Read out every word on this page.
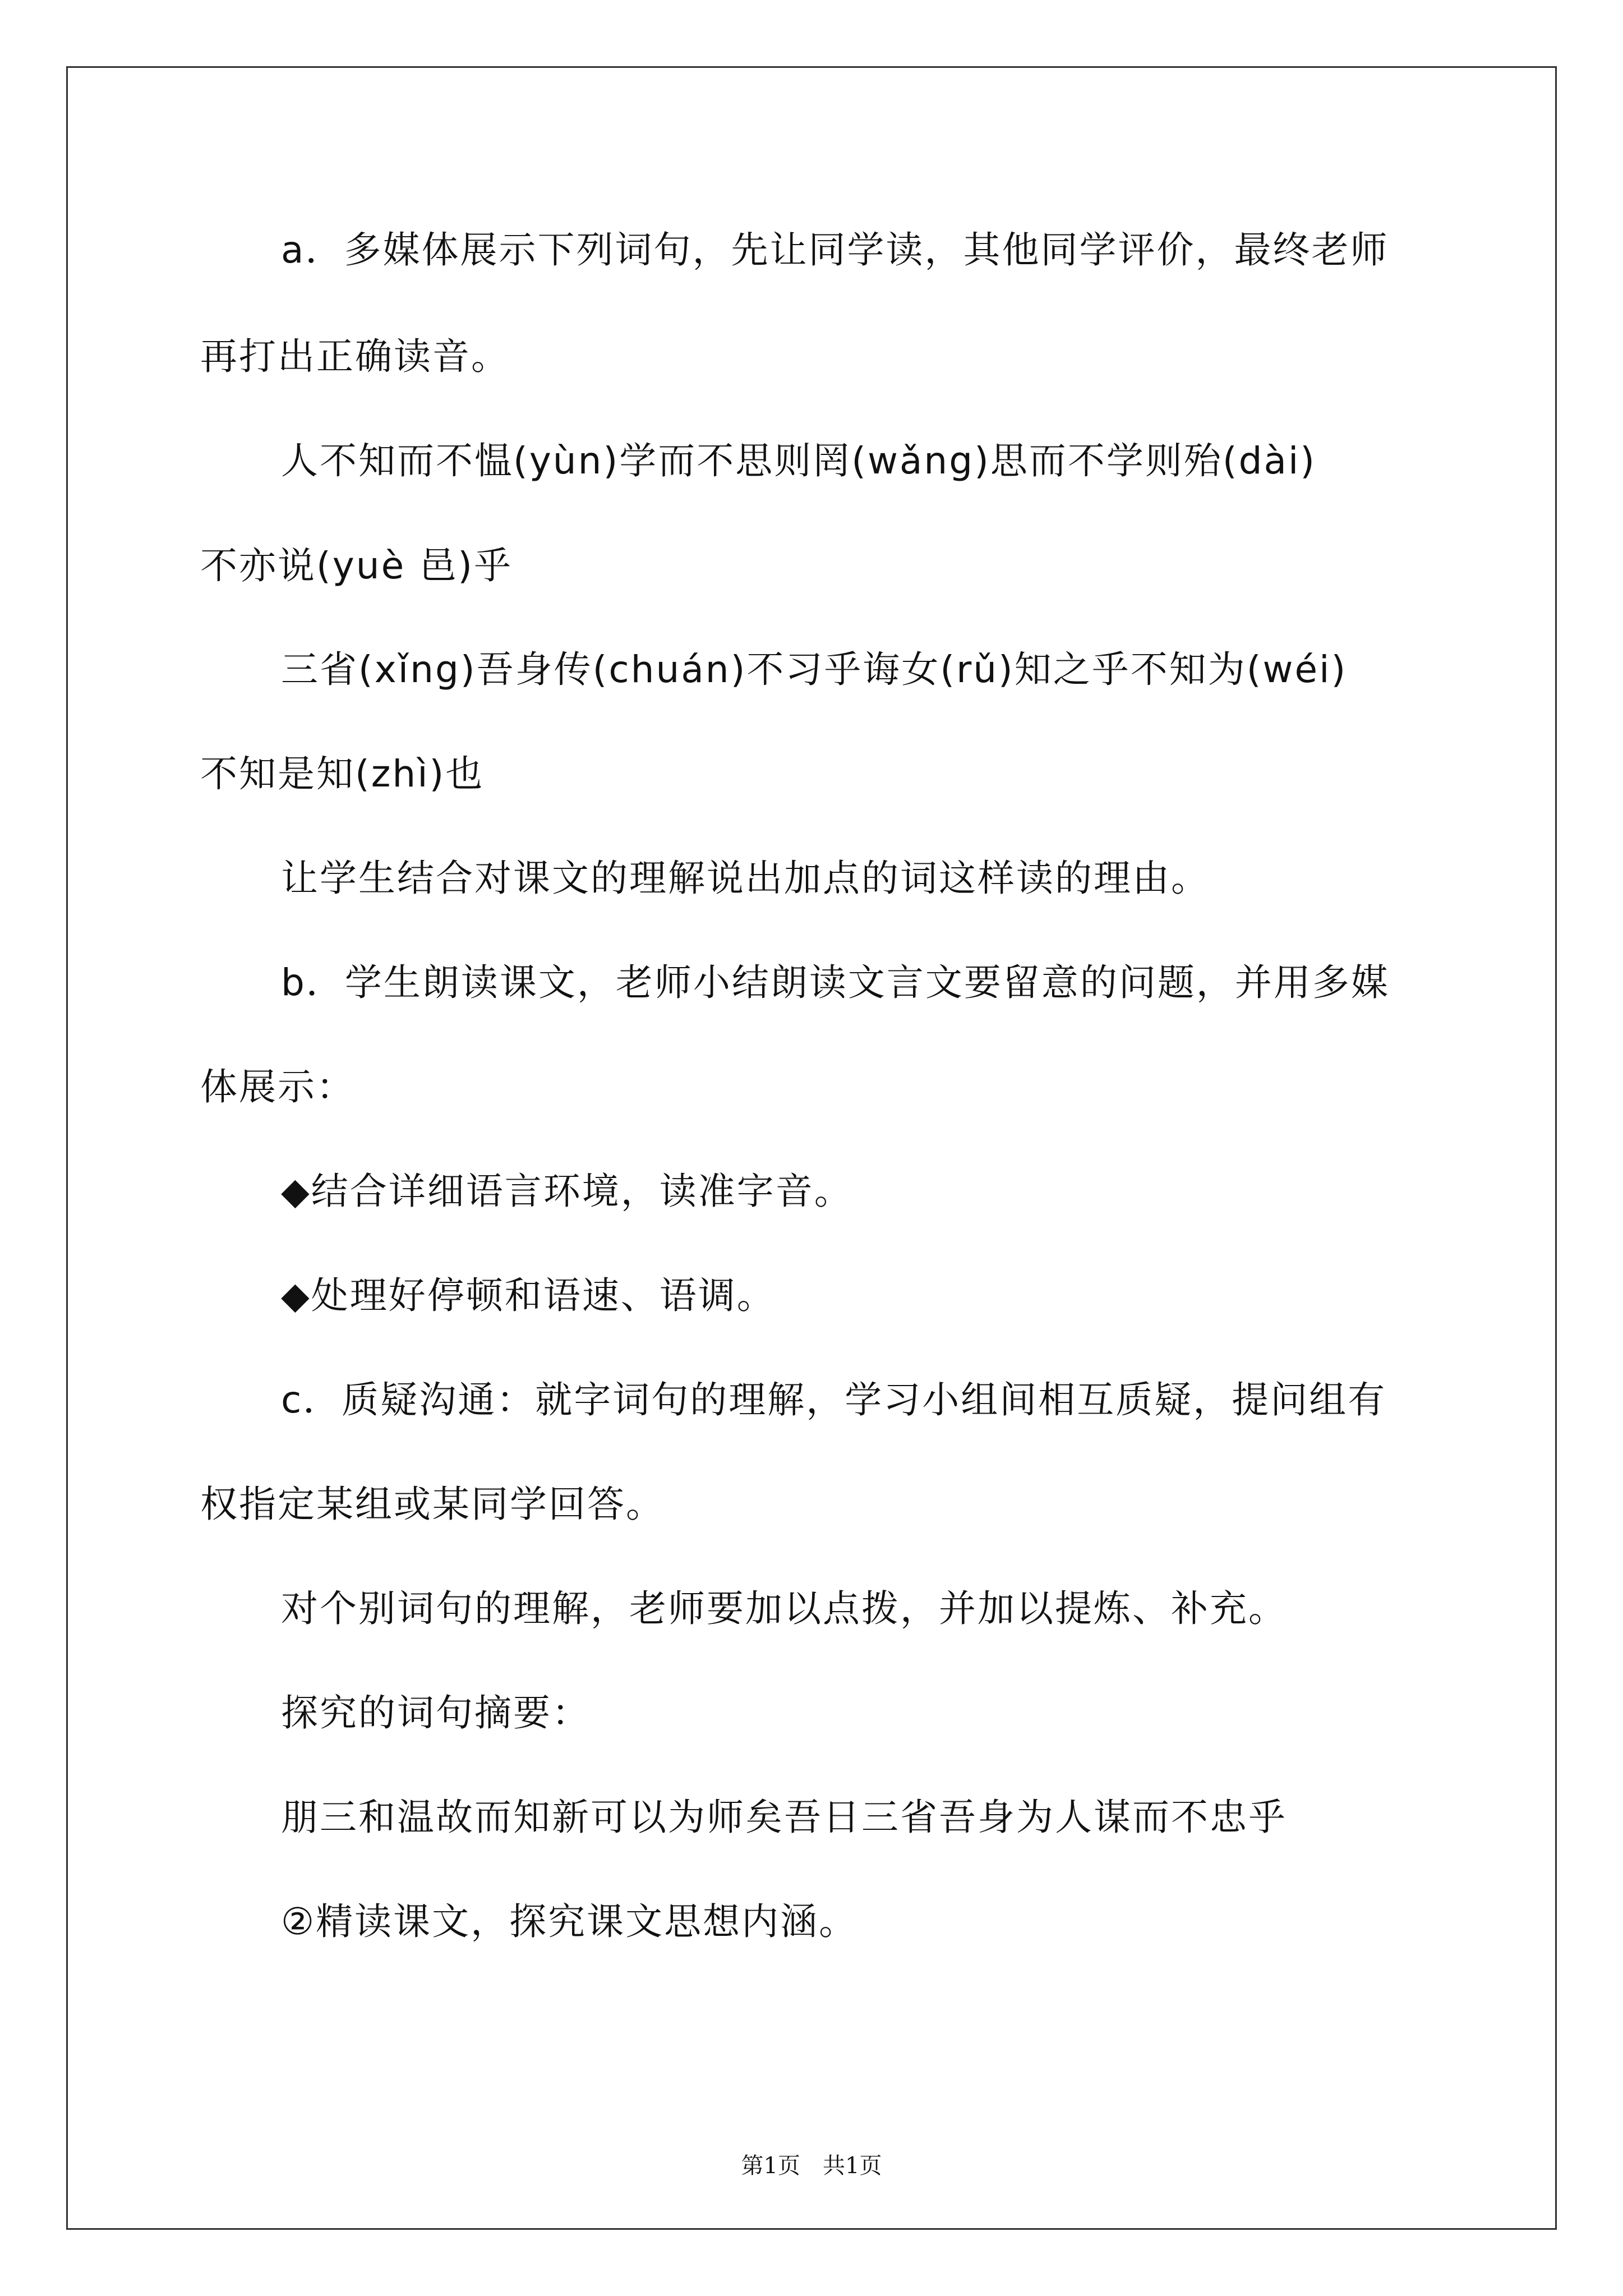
a．多媒体展示下列词句，先让同学读，其他同学评价，最终老师

再打出正确读音。

人不知而不愠(yùn)学而不思则罔(wǎng)思而不学则殆(dài)

不亦说(yuè 邑)乎

三省(xǐng)吾身传(chuán)不习乎诲女(rǔ)知之乎不知为(wéi)

不知是知(zhì)也

让学生结合对课文的理解说出加点的词这样读的理由。

b．学生朗读课文，老师小结朗读文言文要留意的问题，并用多媒

体展示：

◆结合详细语言环境，读准字音。

◆处理好停顿和语速、语调。

c．质疑沟通：就字词句的理解，学习小组间相互质疑，提问组有

权指定某组或某同学回答。

对个别词句的理解，老师要加以点拨，并加以提炼、补充。

探究的词句摘要：

朋三和温故而知新可以为师矣吾日三省吾身为人谋而不忠乎

②精读课文，探究课文思想内涵。

第1页　共1页
